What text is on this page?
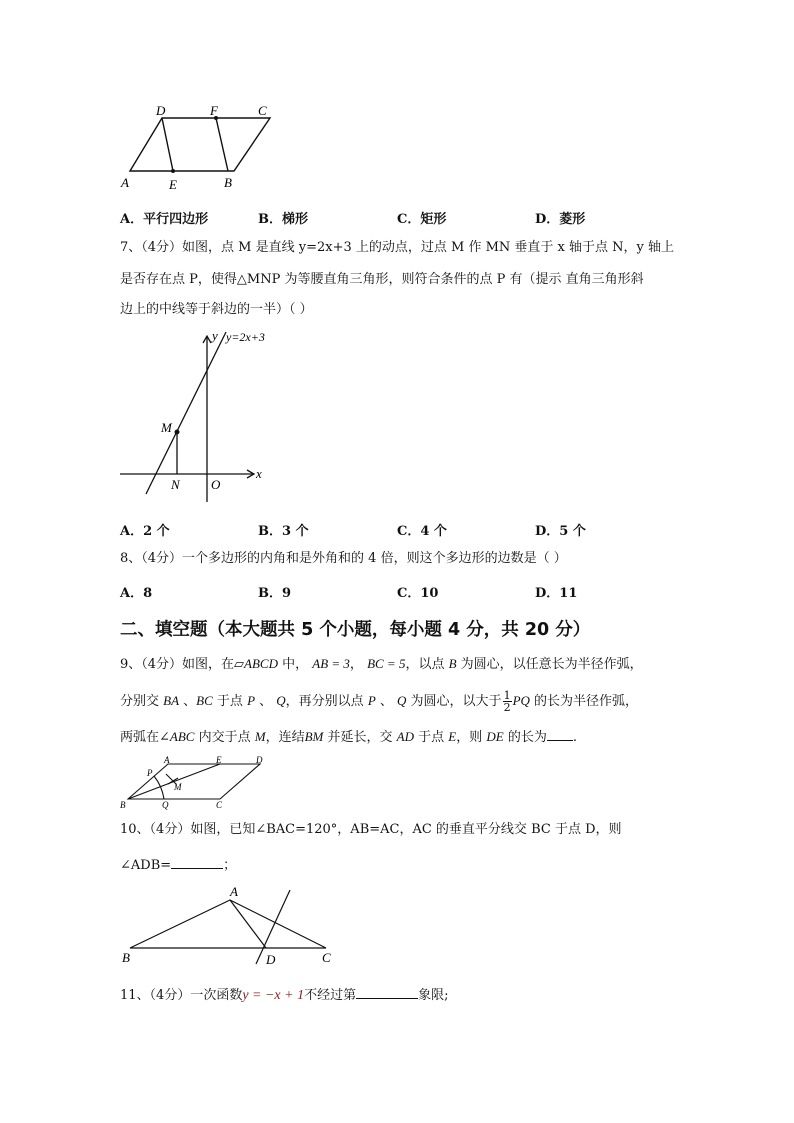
A	E	B
D	F	C
A．平行四边形	B．梯形	C．矩形	D．菱形
7、（4分）如图，点 M 是直线 y=2x+3 上的动点，过点 M 作 MN 垂直于 x 轴于点 N，y 轴上
是否存在点 P，使得△MNP 为等腰直角三角形，则符合条件的点 P 有（提示 直角三角形斜
边上的中线等于斜边的一半）（ ）
y y=2x+3
M
N O
x
A．2 个	B．3 个	C．4 个	D．5 个
8、（4分）一个多边形的内角和是外角和的 4 倍，则这个多边形的边数是（ ）
A．8	B．9	C．10	D．11
二、填空题（本大题共 5 个小题，每小题 4 分，共 20 分）
9、（4分）如图，在▱ABCD 中， AB = 3， BC = 5，以点 B 为圆心，以任意长为半径作弧，
分别交 BA 、BC 于点 P 、 Q，再分别以点 P 、 Q 为圆心，以大于 $\frac{1}{2}$ PQ 的长为半径作弧，
两弧在∠ABC 内交于点 M，连结BM 并延长，交 AD 于点 E，则 DE 的长为 .
A	E	D
P
M
B	Q	C
10、（4分）如图，已知∠BAC=120°，AB=AC，AC 的垂直平分线交 BC 于点 D，则
∠ADB=	；
A
B	D	C
11、（4分）一次函数y = −x + 1不经过第	象限;
